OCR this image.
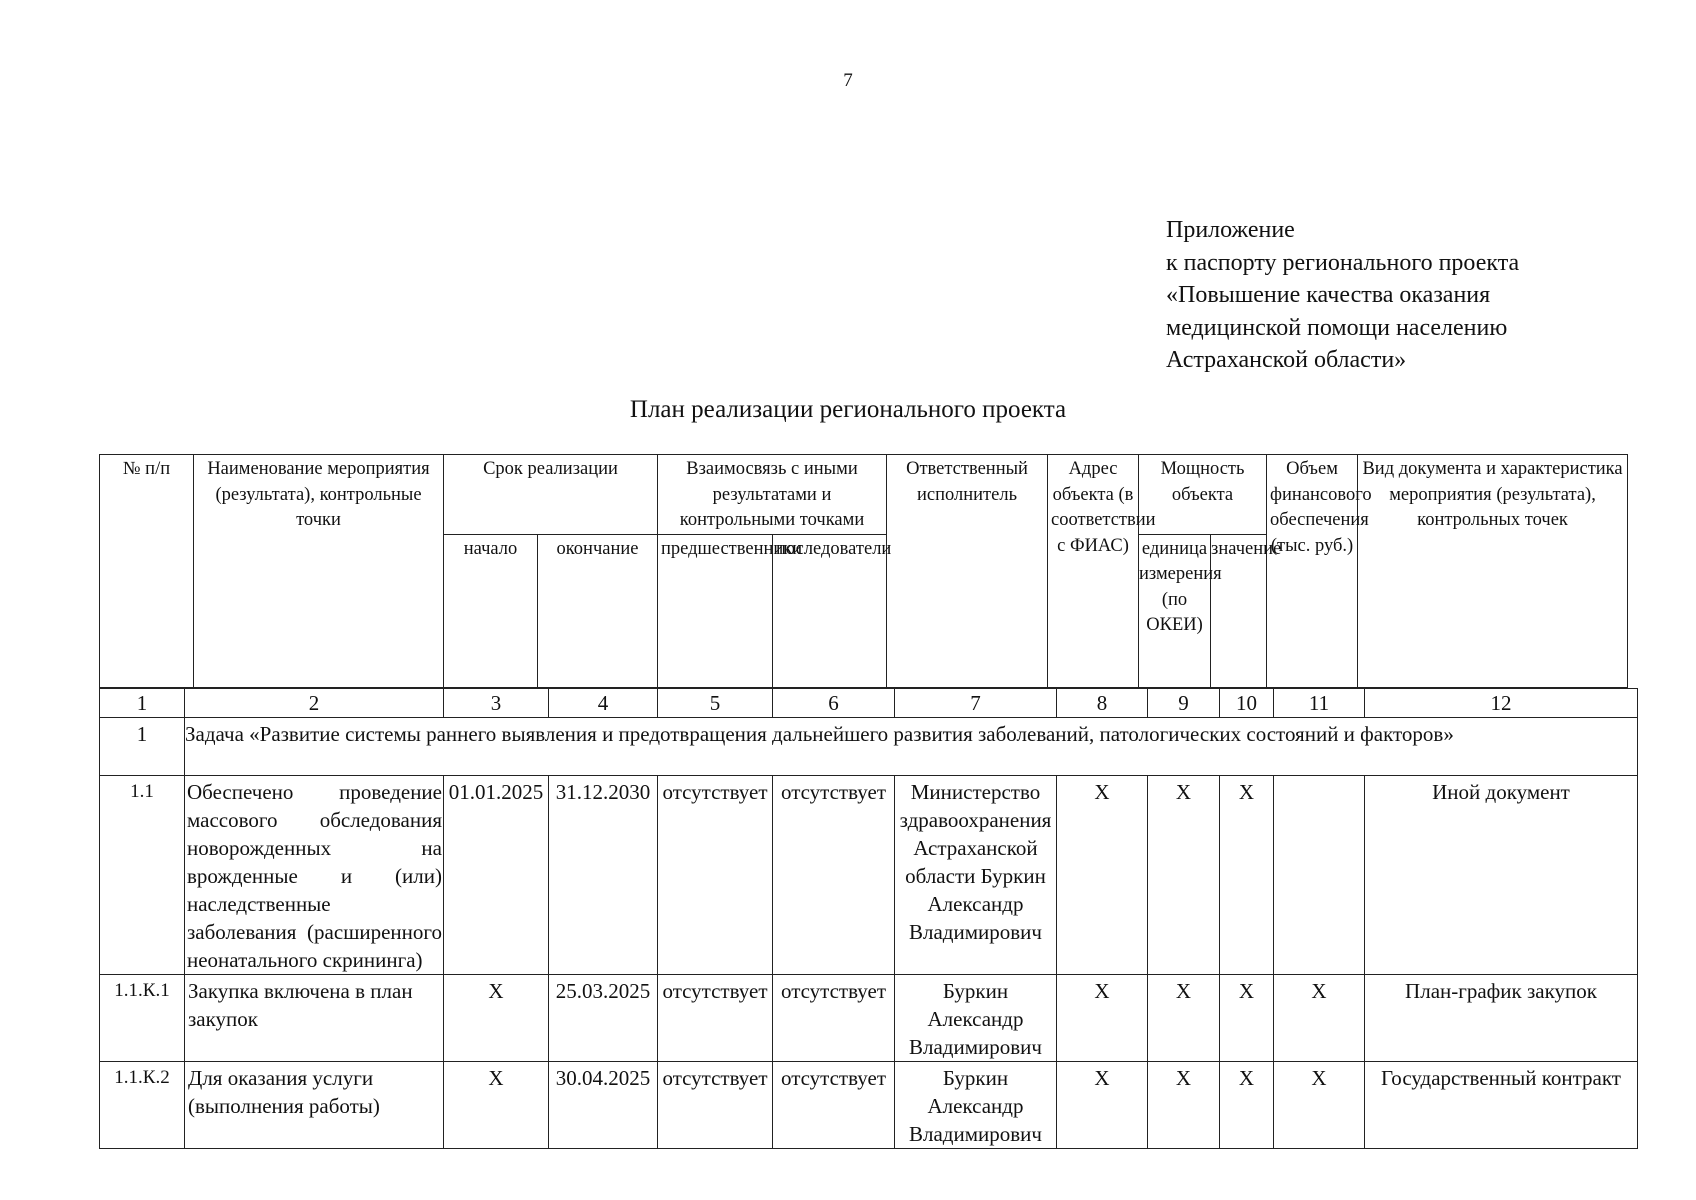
7
Приложение
к паспорту регионального проекта
«Повышение качества оказания
медицинской помощи населению
Астраханской области»
План реализации регионального проекта
№ п/п	Наименование мероприятия (результата), контрольные точки	Срок реализации		Взаимосвязь с иными результатами и контрольными точками		Ответственный исполнитель	Адрес объекта (в соответствии с ФИАС)	Мощность объекта		Объем финансового обеспечения (тыс. руб.)	Вид документа и характеристика мероприятия (результата), контрольных точек
		начало	окончание	предшественники	последователи			единица измерения (по ОКЕИ)	значение		
1	2	3	4	5	6	7	8	9	10	11	12
1	Задача «Развитие системы раннего выявления и предотвращения дальнейшего развития заболеваний, патологических состояний и факторов»										
1.1	Обеспечено проведение массового обследования новорожденных на врожденные и (или) наследственные заболевания (расширенного неонатального скрининга)	01.01.2025	31.12.2030	отсутствует	отсутствует	Министерство здравоохранения Астраханской области Буркин Александр Владимирович	Х	Х	Х		Иной документ
1.1.К.1	Закупка включена в план закупок	Х	25.03.2025	отсутствует	отсутствует	Буркин Александр Владимирович	Х	Х	Х	Х	План-график закупок
1.1.К.2	Для оказания услуги (выполнения работы)	Х	30.04.2025	отсутствует	отсутствует	Буркин Александр Владимирович	Х	Х	Х	Х	Государственный контракт
